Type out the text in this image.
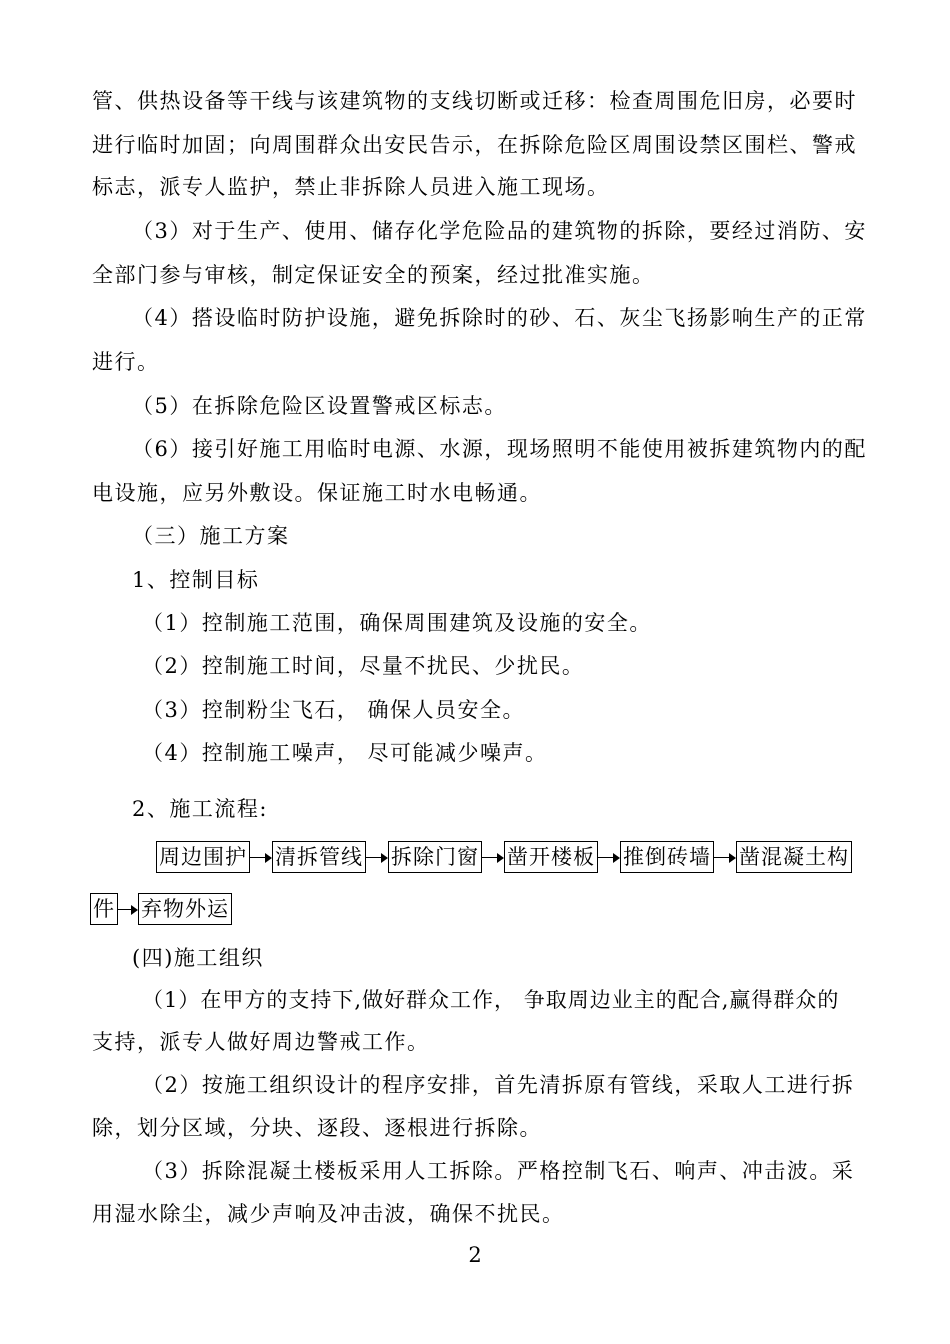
管、供热设备等干线与该建筑物的支线切断或迁移：检查周围危旧房，必要时
进行临时加固；向周围群众出安民告示，在拆除危险区周围设禁区围栏、警戒
标志，派专人监护，禁止非拆除人员进入施工现场。
（3）对于生产、使用、储存化学危险品的建筑物的拆除，要经过消防、安
全部门参与审核，制定保证安全的预案，经过批准实施。
（4）搭设临时防护设施，避免拆除时的砂、石、灰尘飞扬影响生产的正常
进行。
（5）在拆除危险区设置警戒区标志。
（6）接引好施工用临时电源、水源，现场照明不能使用被拆建筑物内的配
电设施，应另外敷设。保证施工时水电畅通。
（三）施工方案
1、控制目标
（1）控制施工范围，确保周围建筑及设施的安全。
（2）控制施工时间，尽量不扰民、少扰民。
（3）控制粉尘飞石， 确保人员安全。
（4）控制施工噪声， 尽可能减少噪声。
2、施工流程:
周边围护 清拆管线 拆除门窗 凿开楼板 推倒砖墙 凿混凝土构
件 弃物外运
(四)施工组织
（1）在甲方的支持下,做好群众工作， 争取周边业主的配合,赢得群众的
支持，派专人做好周边警戒工作。
（2）按施工组织设计的程序安排，首先清拆原有管线，采取人工进行拆
除，划分区域，分块、逐段、逐根进行拆除。
（3）拆除混凝土楼板采用人工拆除。严格控制飞石、响声、冲击波。采
用湿水除尘，减少声响及冲击波，确保不扰民。
2
